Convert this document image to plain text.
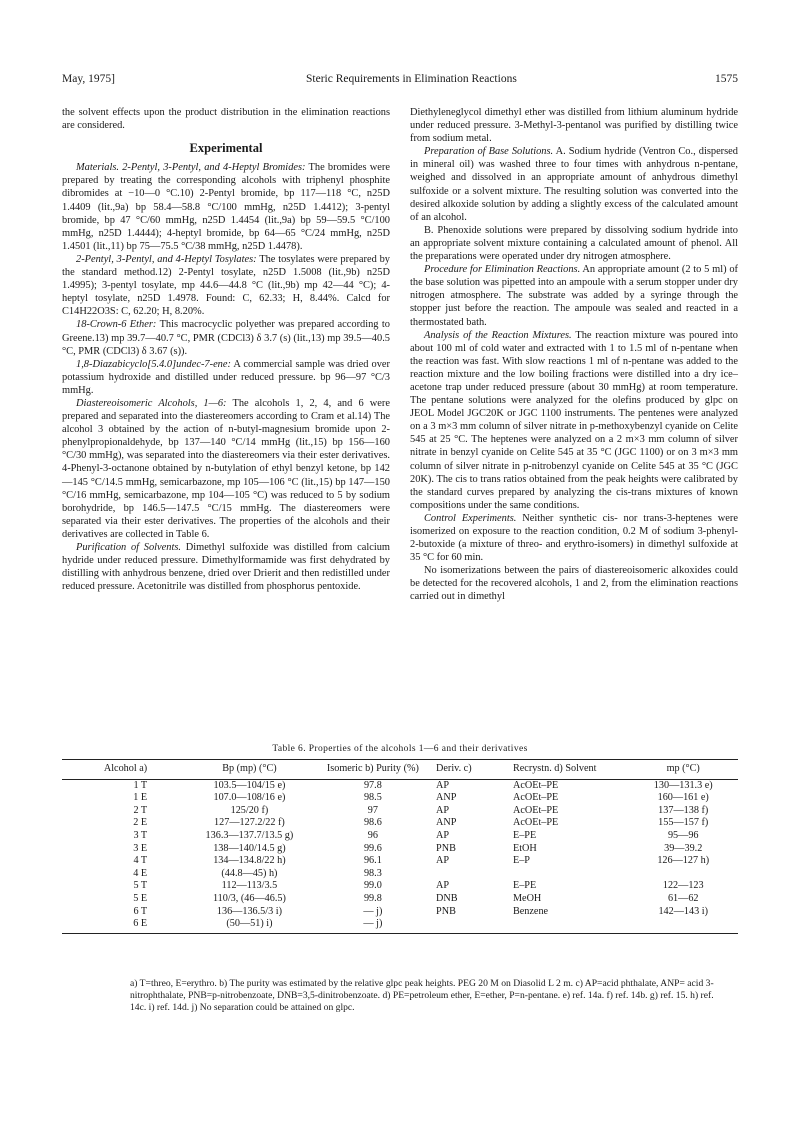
May, 1975]	Steric Requirements in Elimination Reactions	1575

the solvent effects upon the product distribution in the elimination reactions are considered.

Experimental

Materials. 2-Pentyl, 3-Pentyl, and 4-Heptyl Bromides: The bromides were prepared by treating the corresponding alcohols with triphenyl phosphite dibromides at −10—0 °C.10) 2-Pentyl bromide, bp 117—118 °C, n25D 1.4409 (lit.,9a) bp 58.4—58.8 °C/100 mmHg, n25D 1.4412); 3-pentyl bromide, bp 47 °C/60 mmHg, n25D 1.4454 (lit.,9a) bp 59—59.5 °C/100 mmHg, n25D 1.4444); 4-heptyl bromide, bp 64—65 °C/24 mmHg, n25D 1.4501 (lit.,11) bp 75—75.5 °C/38 mmHg, n25D 1.4478).

2-Pentyl, 3-Pentyl, and 4-Heptyl Tosylates: The tosylates were prepared by the standard method.12) 2-Pentyl tosylate, n25D 1.5008 (lit.,9b) n25D 1.4995); 3-pentyl tosylate, mp 44.6—44.8 °C (lit.,9b) mp 42—44 °C); 4-heptyl tosylate, n25D 1.4978. Found: C, 62.33; H, 8.44%. Calcd for C14H22O3S: C, 62.20; H, 8.20%.

18-Crown-6 Ether: This macrocyclic polyether was prepared according to Greene.13) mp 39.7—40.7 °C, PMR (CDCl3) δ 3.7 (s) (lit.,13) mp 39.5—40.5 °C, PMR (CDCl3) δ 3.67 (s)).

1,8-Diazabicyclo[5.4.0]undec-7-ene: A commercial sample was dried over potassium hydroxide and distilled under reduced pressure. bp 96—97 °C/3 mmHg.

Diastereoisomeric Alcohols, 1—6: The alcohols 1, 2, 4, and 6 were prepared and separated into the diastereomers according to Cram et al.14) The alcohol 3 obtained by the action of n-butyl-magnesium bromide upon 2-phenylpropionaldehyde, bp 137—140 °C/14 mmHg (lit.,15) bp 156—160 °C/30 mmHg), was separated into the diastereomers via their ester derivatives. 4-Phenyl-3-octanone obtained by n-butylation of ethyl benzyl ketone, bp 142—145 °C/14.5 mmHg, semicarbazone, mp 105—106 °C (lit.,15) bp 147—150 °C/16 mmHg, semicarbazone, mp 104—105 °C) was reduced to 5 by sodium borohydride, bp 146.5—147.5 °C/15 mmHg. The diastereomers were separated via their ester derivatives. The properties of the alcohols and their derivatives are collected in Table 6.

Purification of Solvents. Dimethyl sulfoxide was distilled from calcium hydride under reduced pressure. Dimethylformamide was first dehydrated by distilling with anhydrous benzene, dried over Drierit and then redistilled under reduced pressure. Acetonitrile was distilled from phosphorus pentoxide.

Diethyleneglycol dimethyl ether was distilled from lithium aluminum hydride under reduced pressure. 3-Methyl-3-pentanol was purified by distilling twice from sodium metal.

Preparation of Base Solutions. A. Sodium hydride (Ventron Co., dispersed in mineral oil) was washed three to four times with anhydrous n-pentane, weighed and dissolved in an appropriate amount of anhydrous dimethyl sulfoxide or a solvent mixture. The resulting solution was converted into the desired alkoxide solution by adding a slightly excess of the calculated amount of an alcohol.

B. Phenoxide solutions were prepared by dissolving sodium hydride into an appropriate solvent mixture containing a calculated amount of phenol. All the preparations were operated under dry nitrogen atmosphere.

Procedure for Elimination Reactions. An appropriate amount (2 to 5 ml) of the base solution was pipetted into an ampoule with a serum stopper under dry nitrogen atmosphere. The substrate was added by a syringe through the stopper just before the reaction. The ampoule was sealed and reacted in a thermostated bath.

Analysis of the Reaction Mixtures. The reaction mixture was poured into about 100 ml of cold water and extracted with 1 to 1.5 ml of n-pentane when the reaction was fast. With slow reactions 1 ml of n-pentane was added to the reaction mixture and the low boiling fractions were distilled into a dry ice–acetone trap under reduced pressure (about 30 mmHg) at room temperature. The pentane solutions were analyzed for the olefins produced by glpc on JEOL Model JGC20K or JGC 1100 instruments. The pentenes were analyzed on a 3 m×3 mm column of silver nitrate in p-methoxybenzyl cyanide on Celite 545 at 25 °C. The heptenes were analyzed on a 2 m×3 mm column of silver nitrate in benzyl cyanide on Celite 545 at 35 °C (JGC 1100) or on 3 m×3 mm column of silver nitrate in p-nitrobenzyl cyanide on Celite 545 at 35 °C (JGC 20K). The cis to trans ratios obtained from the peak heights were calibrated by the standard curves prepared by analyzing the cis-trans mixtures of known compositions under the same conditions.

Control Experiments. Neither synthetic cis- nor trans-3-heptenes were isomerized on exposure to the reaction condition, 0.2 M of sodium 3-phenyl-2-butoxide (a mixture of threo- and erythro-isomers) in dimethyl sulfoxide at 35 °C for 60 min.

No isomerizations between the pairs of diastereoisomeric alkoxides could be detected for the recovered alcohols, 1 and 2, from the elimination reactions carried out in dimethyl

Table 6. Properties of the alcohols 1—6 and their derivatives
Alcohol a)	Bp (mp) (°C)	Isomeric b) Purity (%)	Deriv. c)	Recrystn. d) Solvent	mp (°C)
1 T	103.5—104/15 e)	97.8	AP	AcOEt–PE	130—131.3 e)
1 E	107.0—108/16 e)	98.5	ANP	AcOEt–PE	160—161 e)
2 T	125/20 f)	97	AP	AcOEt–PE	137—138 f)
2 E	127—127.2/22 f)	98.6	ANP	AcOEt–PE	155—157 f)
3 T	136.3—137.7/13.5 g)	96	AP	E–PE	95—96
3 E	138—140/14.5 g)	99.6	PNB	EtOH	39—39.2
4 T	134—134.8/22 h)	96.1	AP	E–P	126—127 h)
4 E	(44.8—45) h)	98.3			
5 T	112—113/3.5	99.0	AP	E–PE	122—123
5 E	110/3, (46—46.5)	99.8	DNB	MeOH	61—62
6 T	136—136.5/3 i)	— j)	PNB	Benzene	142—143 i)
6 E	(50—51) i)	— j)			
a) T=threo, E=erythro. b) The purity was estimated by the relative glpc peak heights. PEG 20 M on Diasolid L 2 m. c) AP=acid phthalate, ANP= acid 3-nitrophthalate, PNB=p-nitrobenzoate, DNB=3,5-dinitrobenzoate. d) PE=petroleum ether, E=ether, P=n-pentane. e) ref. 14a. f) ref. 14b. g) ref. 15. h) ref. 14c. i) ref. 14d. j) No separation could be attained on glpc.
